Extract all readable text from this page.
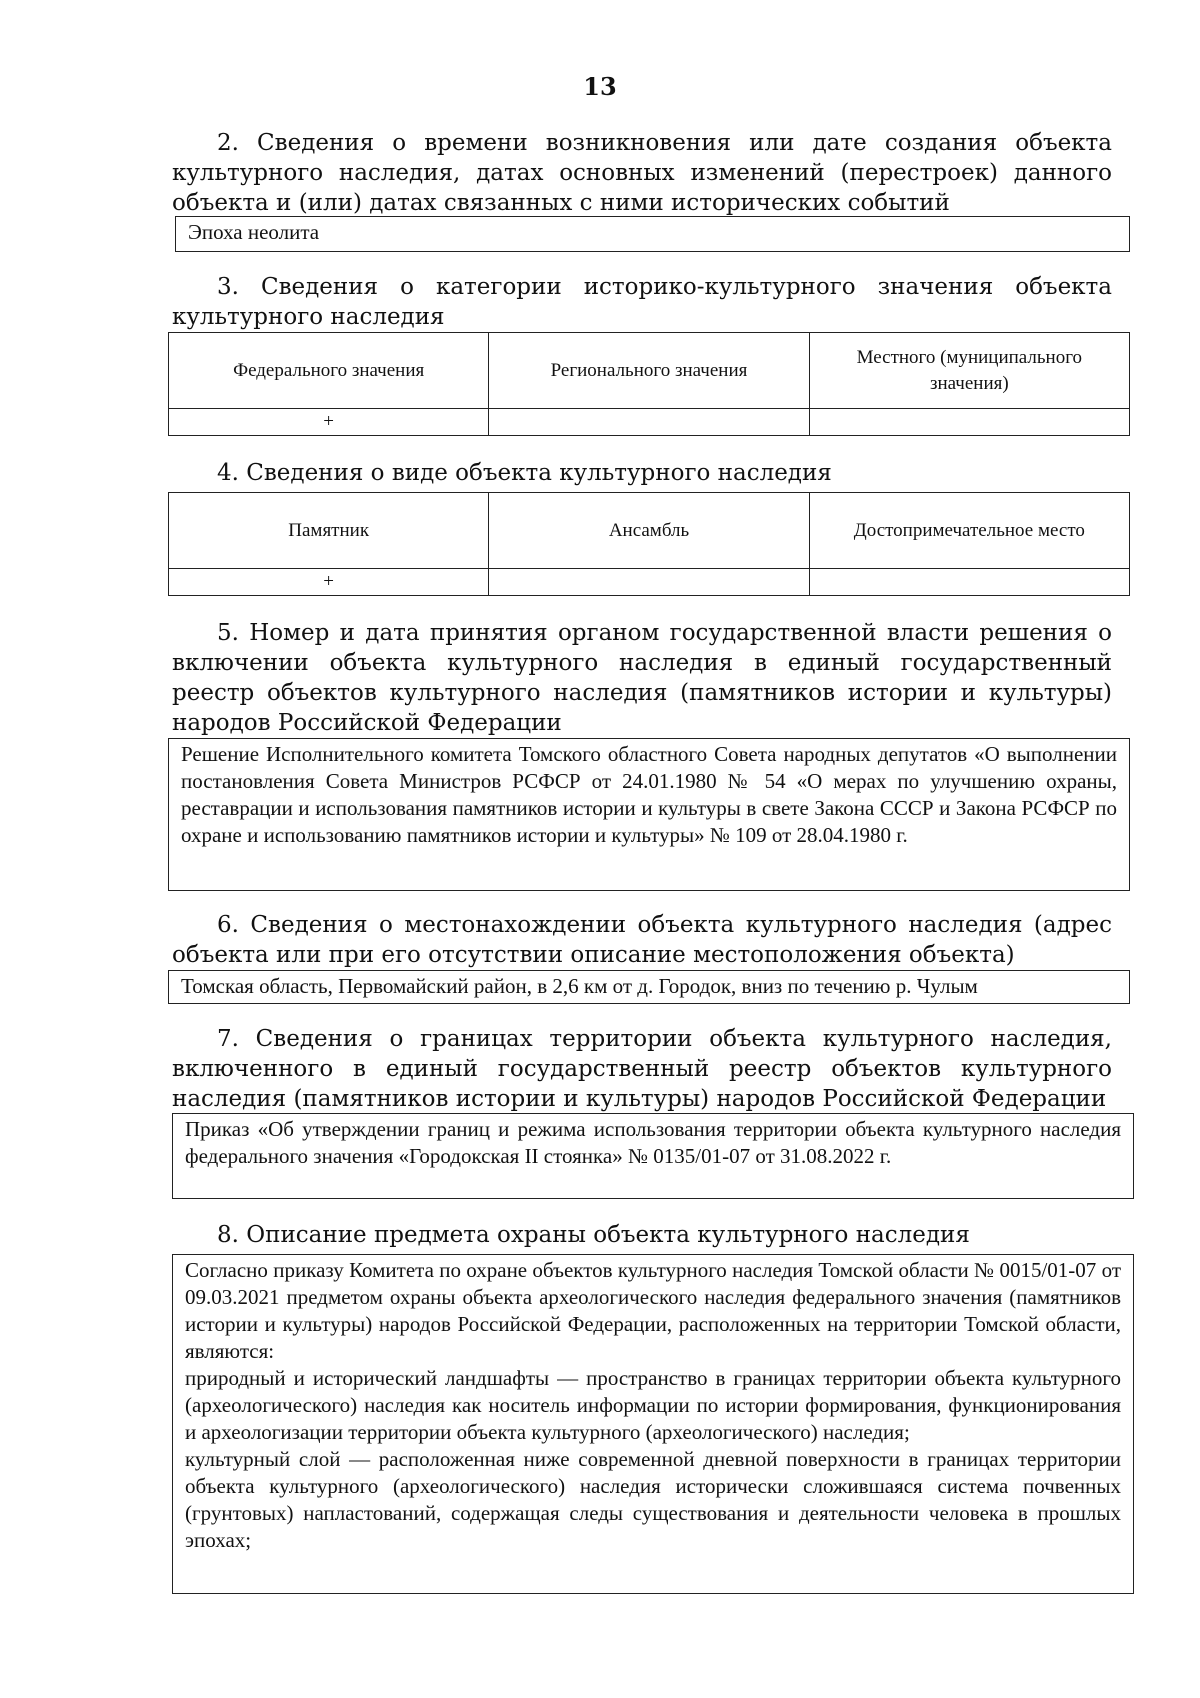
13
2. Сведения о времени возникновения или дате создания объекта культурного наследия, датах основных изменений (перестроек) данного объекта и (или) датах связанных с ними исторических событий

Эпоха неолита

3. Сведения о категории историко-культурного значения объекта культурного наследия
Федерального значения	Регионального значения	Местного (муниципального значения)
+		
4. Сведения о виде объекта культурного наследия
Памятник	Ансамбль	Достопримечательное место
+		
5. Номер и дата принятия органом государственной власти решения о включении объекта культурного наследия в единый государственный реестр объектов культурного наследия (памятников истории и культуры) народов Российской Федерации

Решение Исполнительного комитета Томского областного Совета народных депутатов «О выполнении постановления Совета Министров РСФСР от 24.01.1980 № 54 «О мерах по улучшению охраны, реставрации и использования памятников истории и культуры в свете Закона СССР и Закона РСФСР по охране и использованию памятников истории и культуры» № 109 от 28.04.1980 г.

6. Сведения о местонахождении объекта культурного наследия (адрес объекта или при его отсутствии описание местоположения объекта)

Томская область, Первомайский район, в 2,6 км от д. Городок, вниз по течению р. Чулым

7. Сведения о границах территории объекта культурного наследия, включенного в единый государственный реестр объектов культурного наследия (памятников истории и культуры) народов Российской Федерации

Приказ «Об утверждении границ и режима использования территории объекта культурного наследия федерального значения «Городокская II стоянка» № 0135/01-07 от 31.08.2022 г.

8. Описание предмета охраны объекта культурного наследия

Согласно приказу Комитета по охране объектов культурного наследия Томской области № 0015/01-07 от 09.03.2021 предметом охраны объекта археологического наследия федерального значения (памятников истории и культуры) народов Российской Федерации, расположенных на территории Томской области, являются:

природный и исторический ландшафты — пространство в границах территории объекта культурного (археологического) наследия как носитель информации по истории формирования, функционирования и археологизации территории объекта культурного (археологического) наследия;

культурный слой — расположенная ниже современной дневной поверхности в границах территории объекта культурного (археологического) наследия исторически сложившаяся система почвенных (грунтовых) напластований, содержащая следы существования и деятельности человека в прошлых эпохах;
